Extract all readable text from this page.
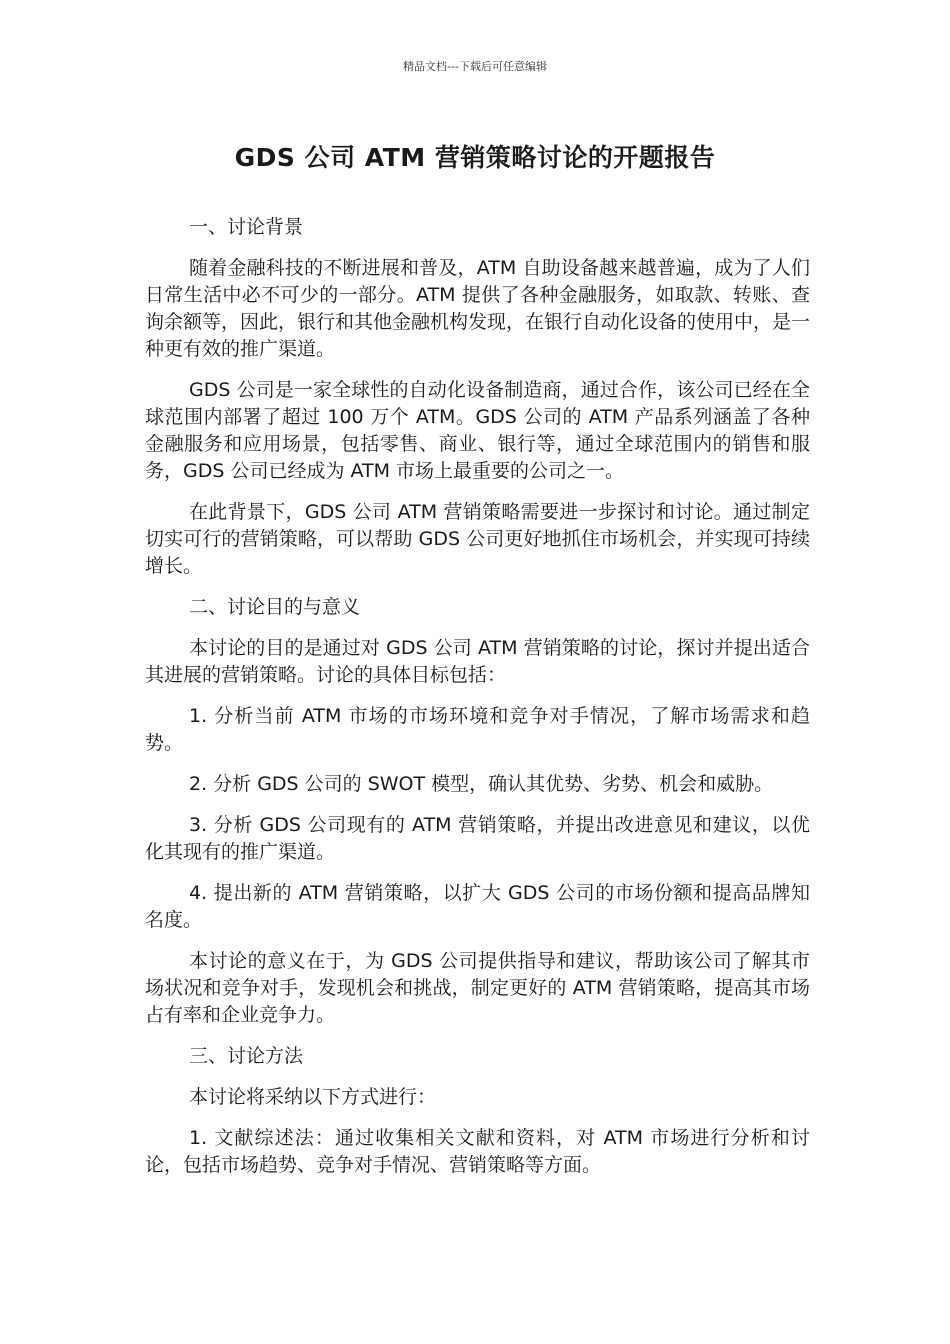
精品文档---下载后可任意编辑
GDS 公司 ATM 营销策略讨论的开题报告

一、讨论背景

随着金融科技的不断进展和普及，ATM 自助设备越来越普遍，成为了人们日常生活中必不可少的一部分。ATM 提供了各种金融服务，如取款、转账、查询余额等，因此，银行和其他金融机构发现，在银行自动化设备的使用中，是一种更有效的推广渠道。

GDS 公司是一家全球性的自动化设备制造商，通过合作，该公司已经在全球范围内部署了超过 100 万个 ATM。GDS 公司的 ATM 产品系列涵盖了各种金融服务和应用场景，包括零售、商业、银行等，通过全球范围内的销售和服务，GDS 公司已经成为 ATM 市场上最重要的公司之一。

在此背景下，GDS 公司 ATM 营销策略需要进一步探讨和讨论。通过制定切实可行的营销策略，可以帮助 GDS 公司更好地抓住市场机会，并实现可持续增长。

二、讨论目的与意义

本讨论的目的是通过对 GDS 公司 ATM 营销策略的讨论，探讨并提出适合其进展的营销策略。讨论的具体目标包括：

1. 分析当前 ATM 市场的市场环境和竞争对手情况，了解市场需求和趋势。

2. 分析 GDS 公司的 SWOT 模型，确认其优势、劣势、机会和威胁。

3. 分析 GDS 公司现有的 ATM 营销策略，并提出改进意见和建议，以优化其现有的推广渠道。

4. 提出新的 ATM 营销策略，以扩大 GDS 公司的市场份额和提高品牌知名度。

本讨论的意义在于，为 GDS 公司提供指导和建议，帮助该公司了解其市场状况和竞争对手，发现机会和挑战，制定更好的 ATM 营销策略，提高其市场占有率和企业竞争力。

三、讨论方法

本讨论将采纳以下方式进行：

1. 文献综述法：通过收集相关文献和资料，对 ATM 市场进行分析和讨论，包括市场趋势、竞争对手情况、营销策略等方面。
